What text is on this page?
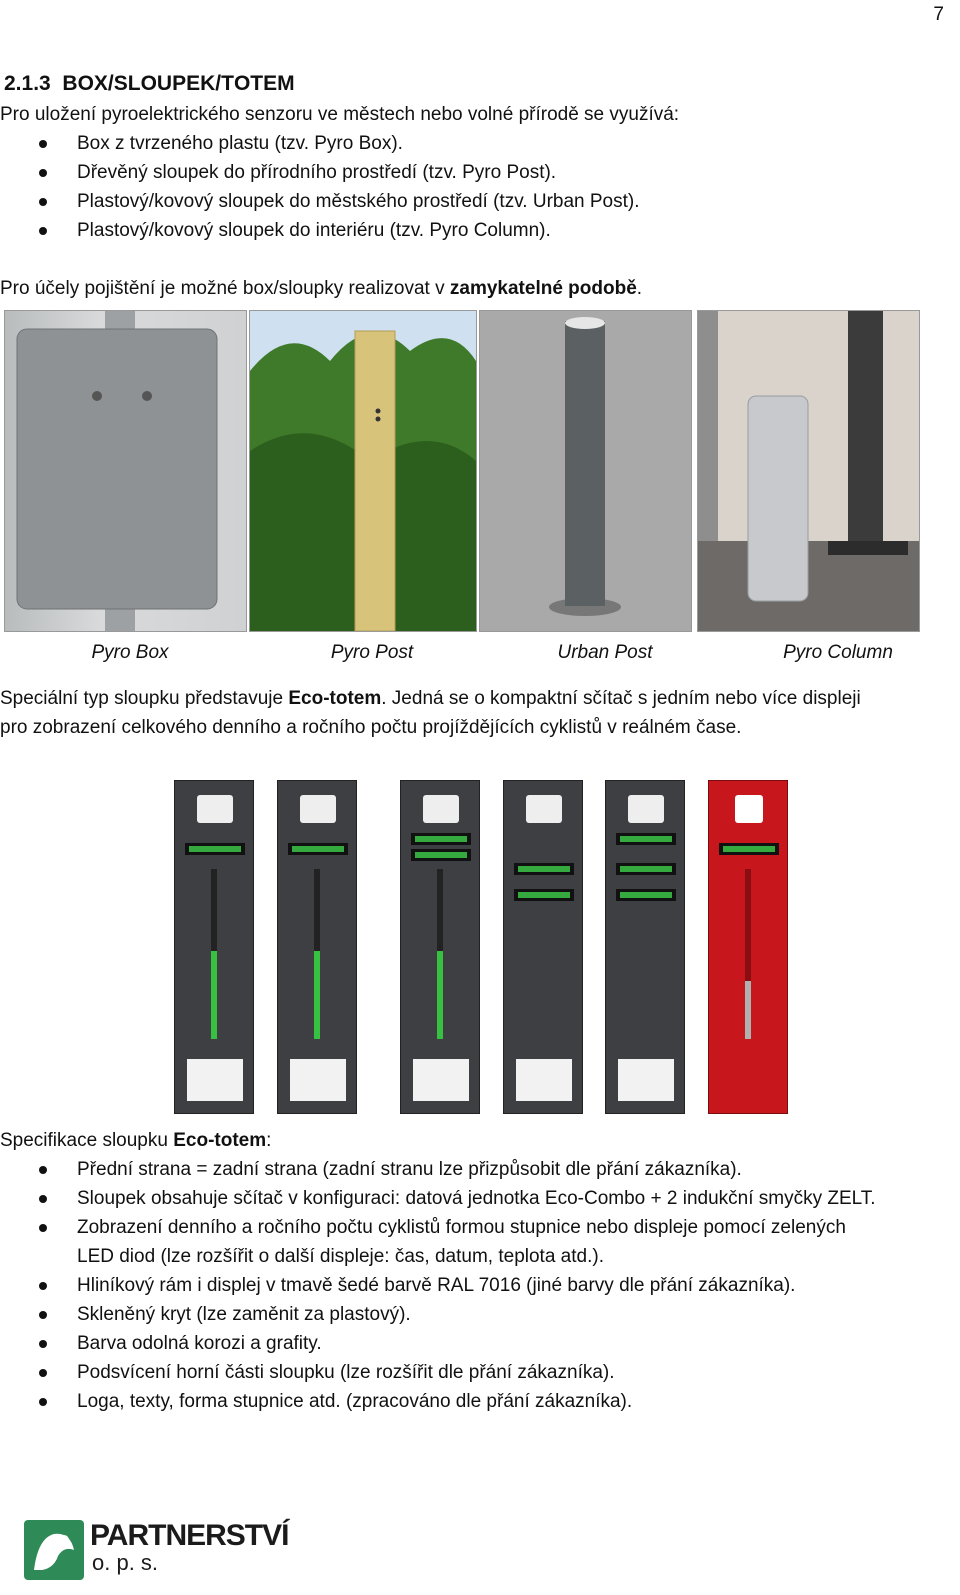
7
2.1.3 BOX/SLOUPEK/TOTEM
Pro uložení pyroelektrického senzoru ve městech nebo volné přírodě se využívá:
Box z tvrzeného plastu (tzv. Pyro Box).
Dřevěný sloupek do přírodního prostředí (tzv. Pyro Post).
Plastový/kovový sloupek do městského prostředí (tzv. Urban Post).
Plastový/kovový sloupek do interiéru (tzv. Pyro Column).
Pro účely pojištění je možné box/sloupky realizovat v zamykatelné podobě.
Pyro Box	Pyro Post	Urban Post	Pyro Column
Speciální typ sloupku představuje Eco-totem. Jedná se o kompaktní sčítač s jedním nebo více displeji
pro zobrazení celkového denního a ročního počtu projíždějících cyklistů v reálném čase.
Specifikace sloupku Eco-totem:
Přední strana = zadní strana (zadní stranu lze přizpůsobit dle přání zákazníka).
Sloupek obsahuje sčítač v konfiguraci: datová jednotka Eco-Combo + 2 indukční smyčky ZELT.
Zobrazení denního a ročního počtu cyklistů formou stupnice nebo displeje pomocí zelených
LED diod (lze rozšířit o další displeje: čas, datum, teplota atd.).
Hliníkový rám i displej v tmavě šedé barvě RAL 7016 (jiné barvy dle přání zákazníka).
Skleněný kryt (lze zaměnit za plastový).
Barva odolná korozi a grafity.
Podsvícení horní části sloupku (lze rozšířit dle přání zákazníka).
Loga, texty, forma stupnice atd. (zpracováno dle přání zákazníka).
PARTNERSTVÍ
o. p. s.
